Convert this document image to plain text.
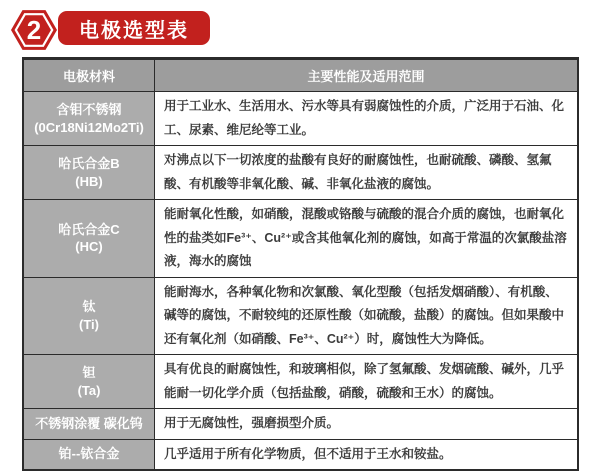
2	电极选型表
电极材料	主要性能及适用范围

含钼不锈钢
(0Cr18Ni12Mo2Ti)	用于工业水、生活用水、污水等具有弱腐蚀性的介质，广泛用于石油、化工、尿素、维尼纶等工业。

哈氏合金B
(HB)	对沸点以下一切浓度的盐酸有良好的耐腐蚀性，也耐硫酸、磷酸、氢氟酸、有机酸等非氧化酸、碱、非氧化盐液的腐蚀。

哈氏合金C
(HC)	能耐氧化性酸，如硝酸，混酸或铬酸与硫酸的混合介质的腐蚀，也耐氧化性的盐类如Fe³⁺、Cu²⁺或含其他氧化剂的腐蚀，如高于常温的次氯酸盐溶液，海水的腐蚀

钛
(Ti)	能耐海水，各种氧化物和次氯酸、氧化型酸（包括发烟硝酸）、有机酸、碱等的腐蚀，不耐较纯的还原性酸（如硫酸，盐酸）的腐蚀。但如果酸中还有氧化剂（如硝酸、Fe³⁺、Cu²⁺）时，腐蚀性大为降低。

钽
(Ta)	具有优良的耐腐蚀性，和玻璃相似，除了氢氟酸、发烟硫酸、碱外，几乎能耐一切化学介质（包括盐酸，硝酸，硫酸和王水）的腐蚀。

不锈钢涂覆 碳化钨	用于无腐蚀性，强磨损型介质。

铂--铱合金	几乎适用于所有化学物质，但不适用于王水和铵盐。
